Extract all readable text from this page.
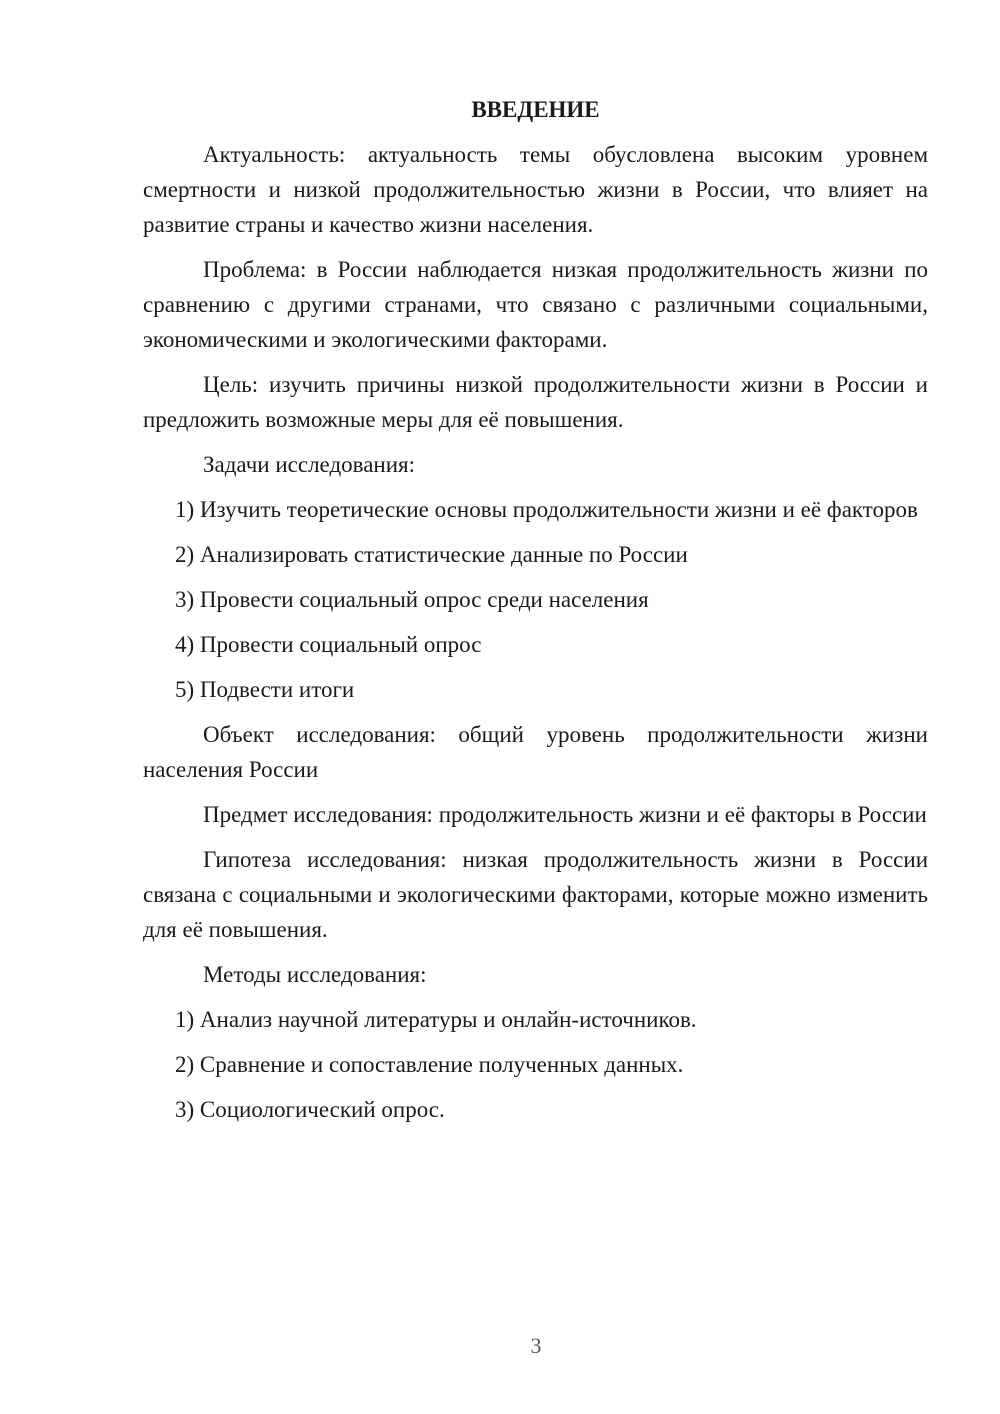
ВВЕДЕНИЕ

Актуальность: актуальность темы обусловлена высоким уровнем смертности и низкой продолжительностью жизни в России, что влияет на развитие страны и качество жизни населения.

Проблема: в России наблюдается низкая продолжительность жизни по сравнению с другими странами, что связано с различными социальными, экономическими и экологическими факторами.

Цель: изучить причины низкой продолжительности жизни в России и предложить возможные меры для её повышения.

Задачи исследования:

1) Изучить теоретические основы продолжительности жизни и её факторов

2) Анализировать статистические данные по России

3) Провести социальный опрос среди населения

4) Провести социальный опрос

5) Подвести итоги

Объект исследования: общий уровень продолжительности жизни населения России

Предмет исследования: продолжительность жизни и её факторы в России

Гипотеза исследования: низкая продолжительность жизни в России связана с социальными и экологическими факторами, которые можно изменить для её повышения.

Методы исследования:

1) Анализ научной литературы и онлайн-источников.

2) Сравнение и сопоставление полученных данных.

3) Социологический опрос.

3
